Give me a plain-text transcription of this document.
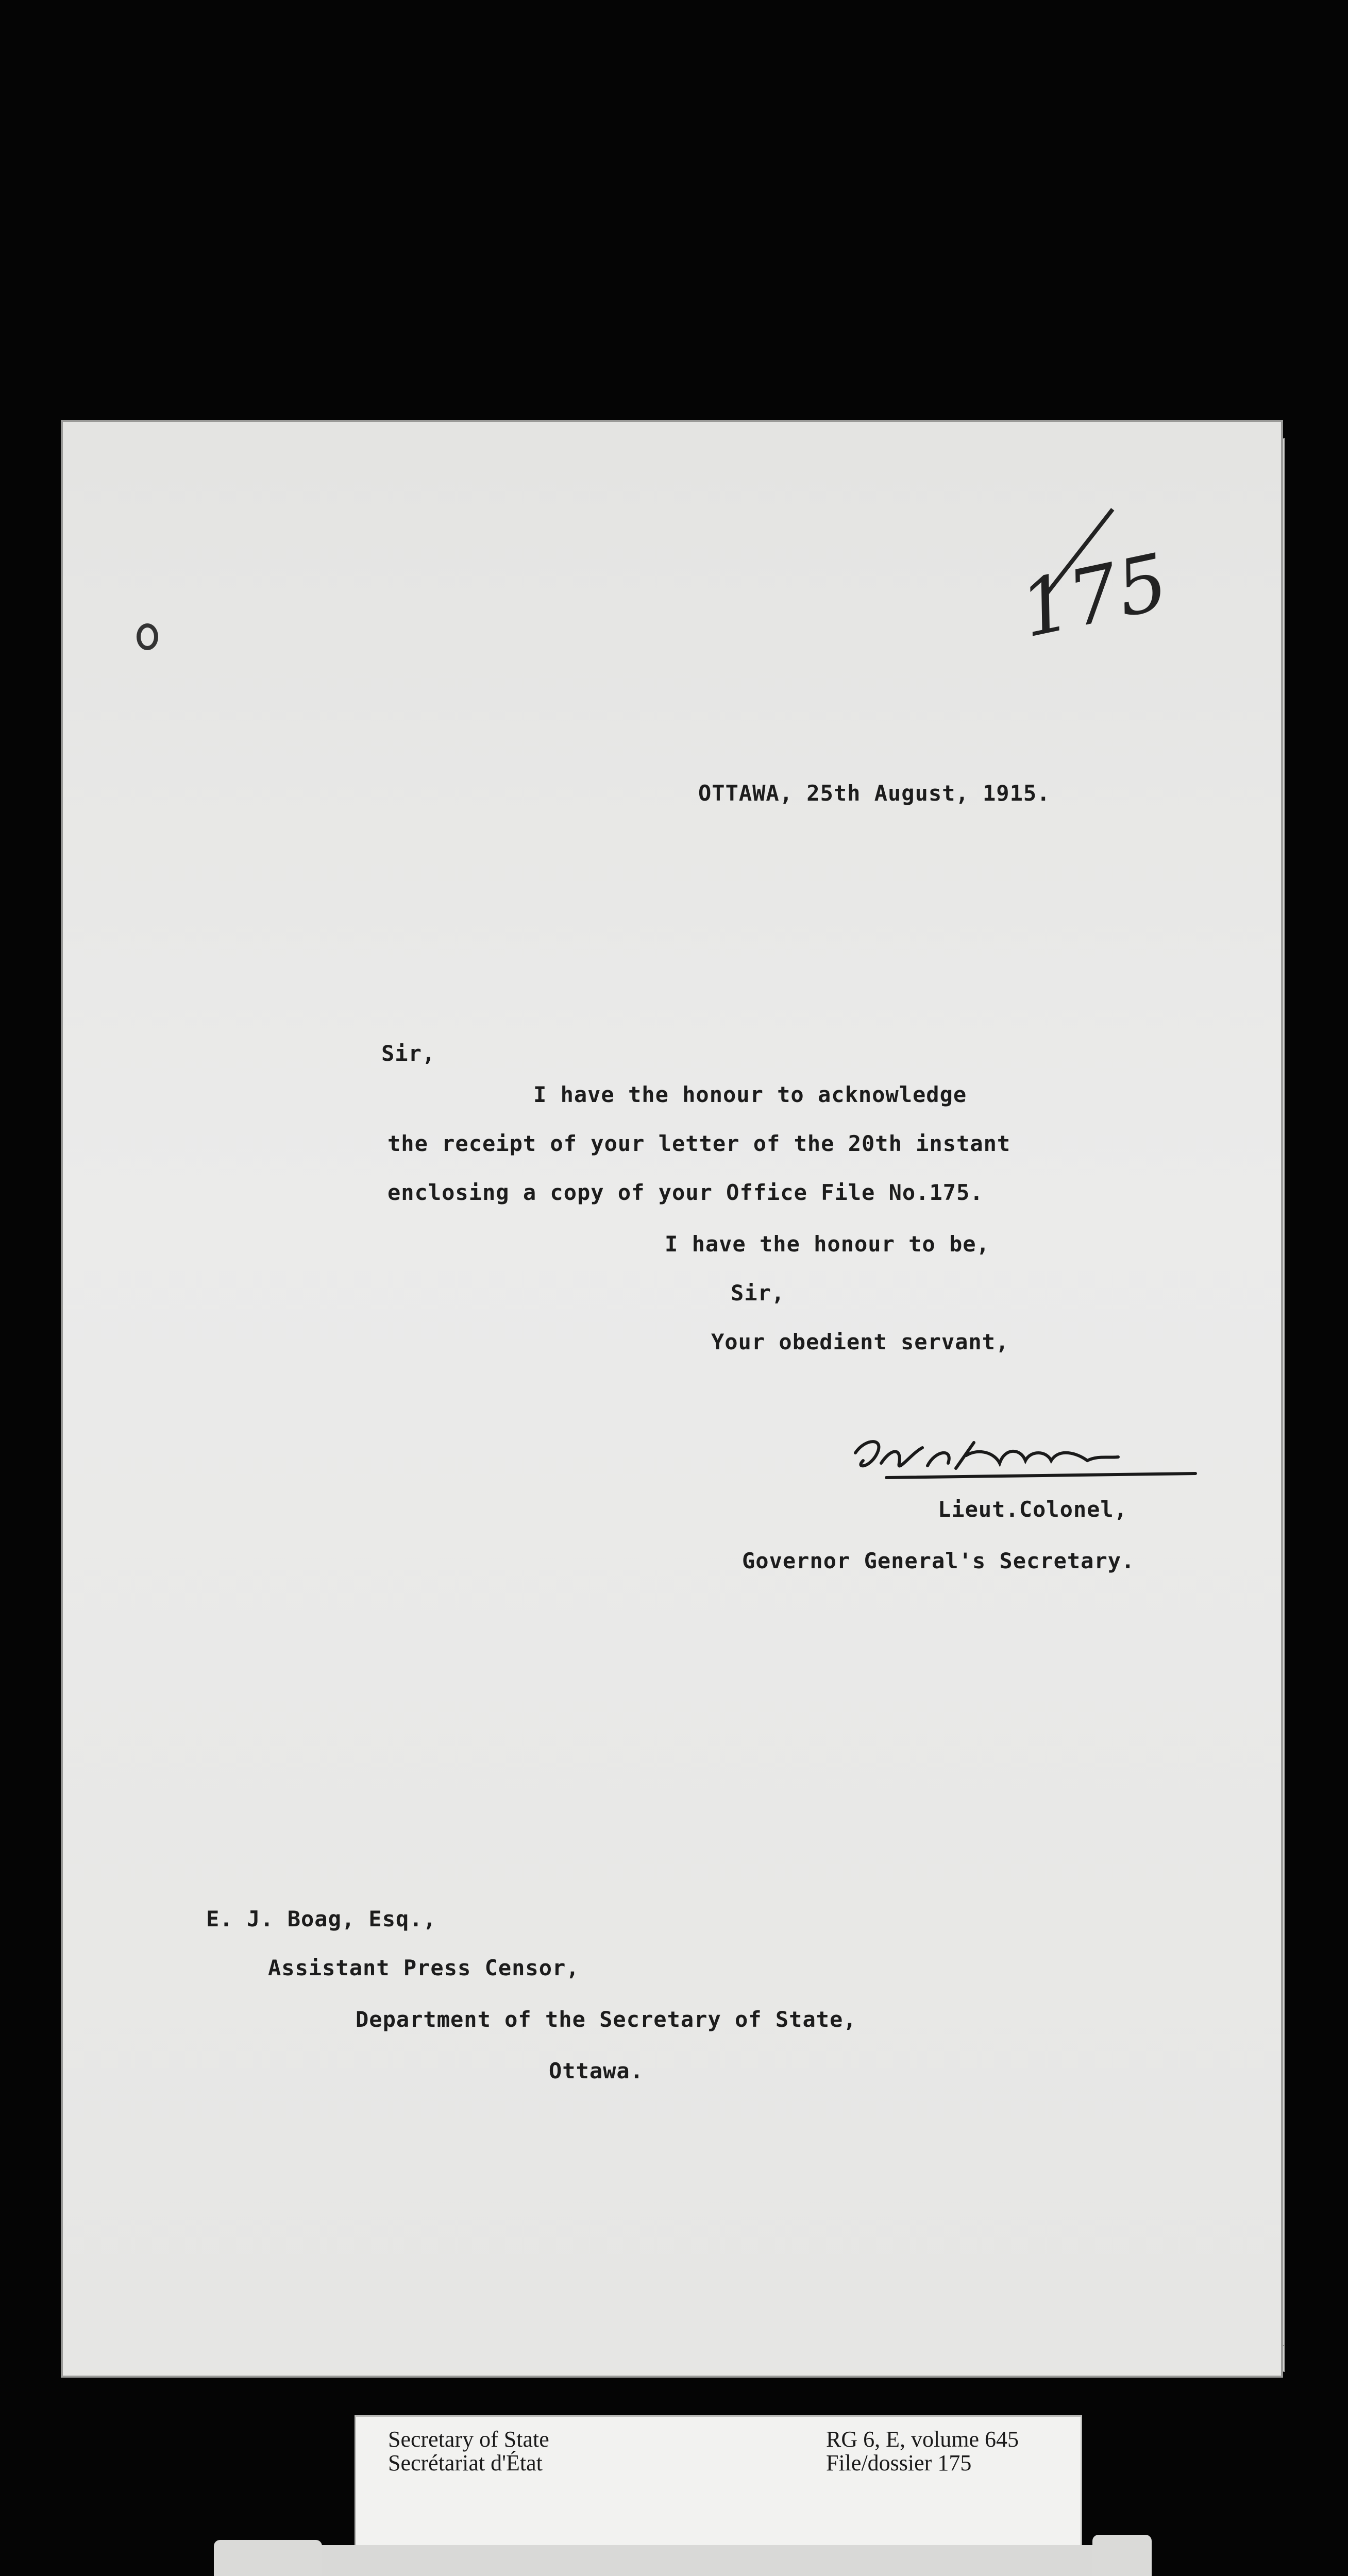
175
OTTAWA, 25th August, 1915.
Sir,
I have the honour to acknowledge
the receipt of your letter of the 20th instant
enclosing a copy of your Office File No.175.
I have the honour to be,
Sir,
Your obedient servant,
Lieut.Colonel,
Governor General's Secretary.
E. J. Boag, Esq.,
Assistant Press Censor,
Department of the Secretary of State,
Ottawa.
Secretary of State
Secrétariat d'État
RG 6, E, volume 645
File/dossier 175
